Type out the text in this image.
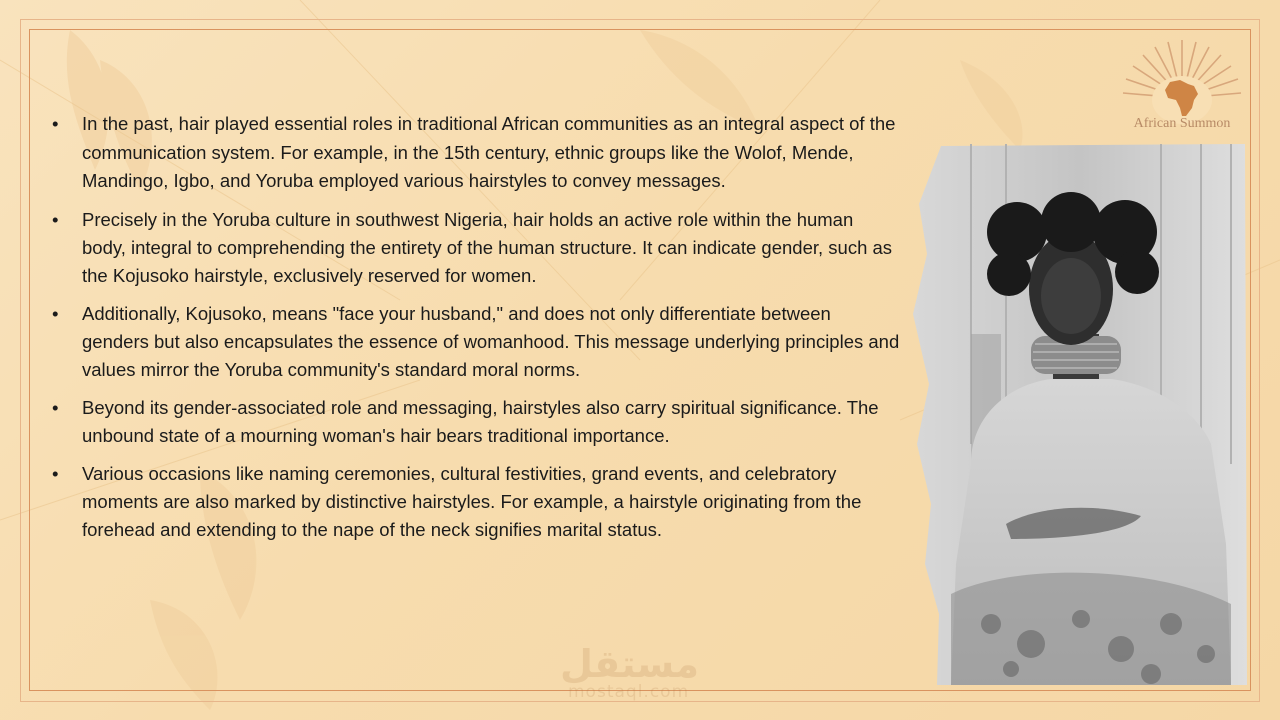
African Summon
• In the past, hair played essential roles in traditional African communities as an integral aspect of the communication system. For example, in the 15th century, ethnic groups like the Wolof, Mende, Mandingo, Igbo, and Yoruba employed various hairstyles to convey messages.
• Precisely in the Yoruba culture in southwest Nigeria, hair holds an active role within the human body, integral to comprehending the entirety of the human structure. It can indicate gender, such as the Kojusoko hairstyle, exclusively reserved for women.
• Additionally, Kojusoko, means "face your husband," and does not only differentiate between genders but also encapsulates the essence of womanhood. This message underlying principles and values mirror the Yoruba community's standard moral norms.
• Beyond its gender-associated role and messaging, hairstyles also carry spiritual significance. The unbound state of a mourning woman's hair bears traditional importance.
• Various occasions like naming ceremonies, cultural festivities, grand events, and celebratory moments are also marked by distinctive hairstyles. For example, a hairstyle originating from the forehead and extending to the nape of the neck signifies marital status.
مستقل
mostaql.com
